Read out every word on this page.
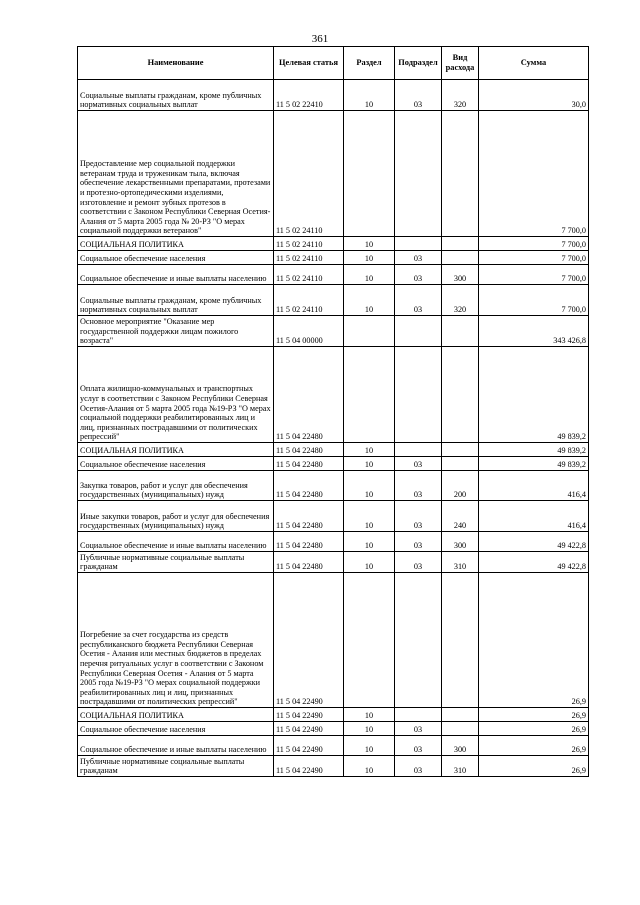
361
Наименование	Целевая статья	Раздел	Подраздел	Вид расхода	Сумма
Социальные выплаты гражданам, кроме публичных нормативных социальных выплат	11 5 02 22410	10	03	320	30,0
Предоставление мер социальной поддержки ветеранам труда и труженикам тыла, включая обеспечение лекарственными препаратами, протезами и протезно-ортопедическими изделиями, изготовление и ремонт зубных протезов в соответствии с Законом Республики Северная Осетия-Алания от 5 марта 2005 года № 20-РЗ "О мерах социальной поддержки ветеранов"	11 5 02 24110				7 700,0
СОЦИАЛЬНАЯ ПОЛИТИКА	11 5 02 24110	10			7 700,0
Социальное обеспечение населения	11 5 02 24110	10	03		7 700,0
Социальное обеспечение и иные выплаты населению	11 5 02 24110	10	03	300	7 700,0
Социальные выплаты гражданам, кроме публичных нормативных социальных выплат	11 5 02 24110	10	03	320	7 700,0
Основное мероприятие "Оказание мер государственной поддержки лицам пожилого возраста"	11 5 04 00000				343 426,8
Оплата жилищно-коммунальных и транспортных услуг в соответствии с Законом Республики Северная Осетия-Алания от 5 марта 2005 года №19-РЗ "О мерах социальной поддержки реабилитированных лиц и лиц, признанных пострадавшими от политических репрессий"	11 5 04 22480				49 839,2
СОЦИАЛЬНАЯ ПОЛИТИКА	11 5 04 22480	10			49 839,2
Социальное обеспечение населения	11 5 04 22480	10	03		49 839,2
Закупка товаров, работ и услуг для обеспечения государственных (муниципальных) нужд	11 5 04 22480	10	03	200	416,4
Иные закупки товаров, работ и услуг для обеспечения государственных (муниципальных) нужд	11 5 04 22480	10	03	240	416,4
Социальное обеспечение и иные выплаты населению	11 5 04 22480	10	03	300	49 422,8
Публичные нормативные социальные выплаты гражданам	11 5 04 22480	10	03	310	49 422,8
Погребение за счет государства из средств республиканского бюджета Республики Северная Осетия - Алания или местных бюджетов в пределах перечня ритуальных услуг в соответствии с Законом Республики Северная Осетия - Алания от 5 марта 2005 года №19-РЗ "О мерах социальной поддержки реабилитированных лиц и лиц, признанных пострадавшими от политических репрессий"	11 5 04 22490				26,9
СОЦИАЛЬНАЯ ПОЛИТИКА	11 5 04 22490	10			26,9
Социальное обеспечение населения	11 5 04 22490	10	03		26,9
Социальное обеспечение и иные выплаты населению	11 5 04 22490	10	03	300	26,9
Публичные нормативные социальные выплаты гражданам	11 5 04 22490	10	03	310	26,9
